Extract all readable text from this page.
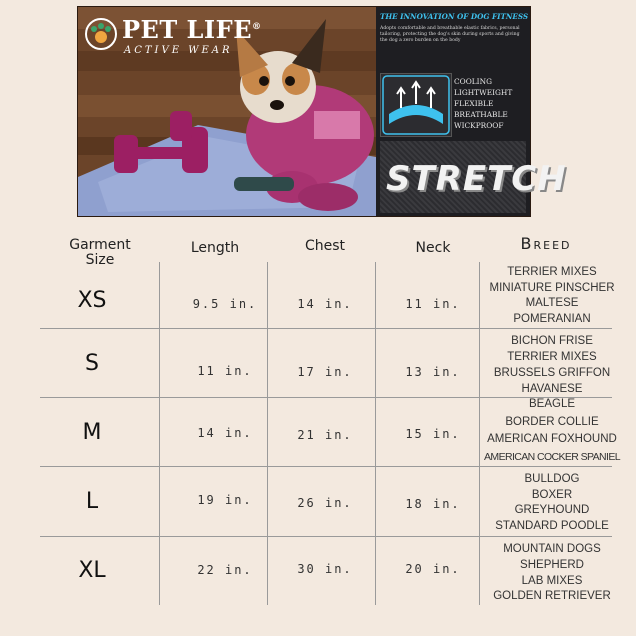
PET LIFE®
ACTIVE WEAR
THE INNOVATION OF DOG FITNESS
Adopts comfortable and breathable elastic fabrics, personal tailoring, protecting the dog's skin during sports and giving the dog a zero burden on the body
COOLING
LIGHTWEIGHT
FLEXIBLE
BREATHABLE
WICKPROOF
STRETCH
Garment
Size
Length	Chest	Neck	Breed
XS	9.5 in.	14 in.	11 in.
TERRIER MIXES
MINIATURE PINSCHER
MALTESE
POMERANIAN
S	11 in.	17 in.	13 in.
BICHON FRISE
TERRIER MIXES
BRUSSELS GRIFFON
HAVANESE
M	14 in.	21 in.	15 in.
BEAGLE
BORDER COLLIE
AMERICAN FOXHOUND
AMERICAN COCKER SPANIEL
L	19 in.	26 in.	18 in.
BULLDOG
BOXER
GREYHOUND
STANDARD POODLE
XL	22 in.	30 in.	20 in.
MOUNTAIN DOGS
SHEPHERD
LAB MIXES
GOLDEN RETRIEVER
